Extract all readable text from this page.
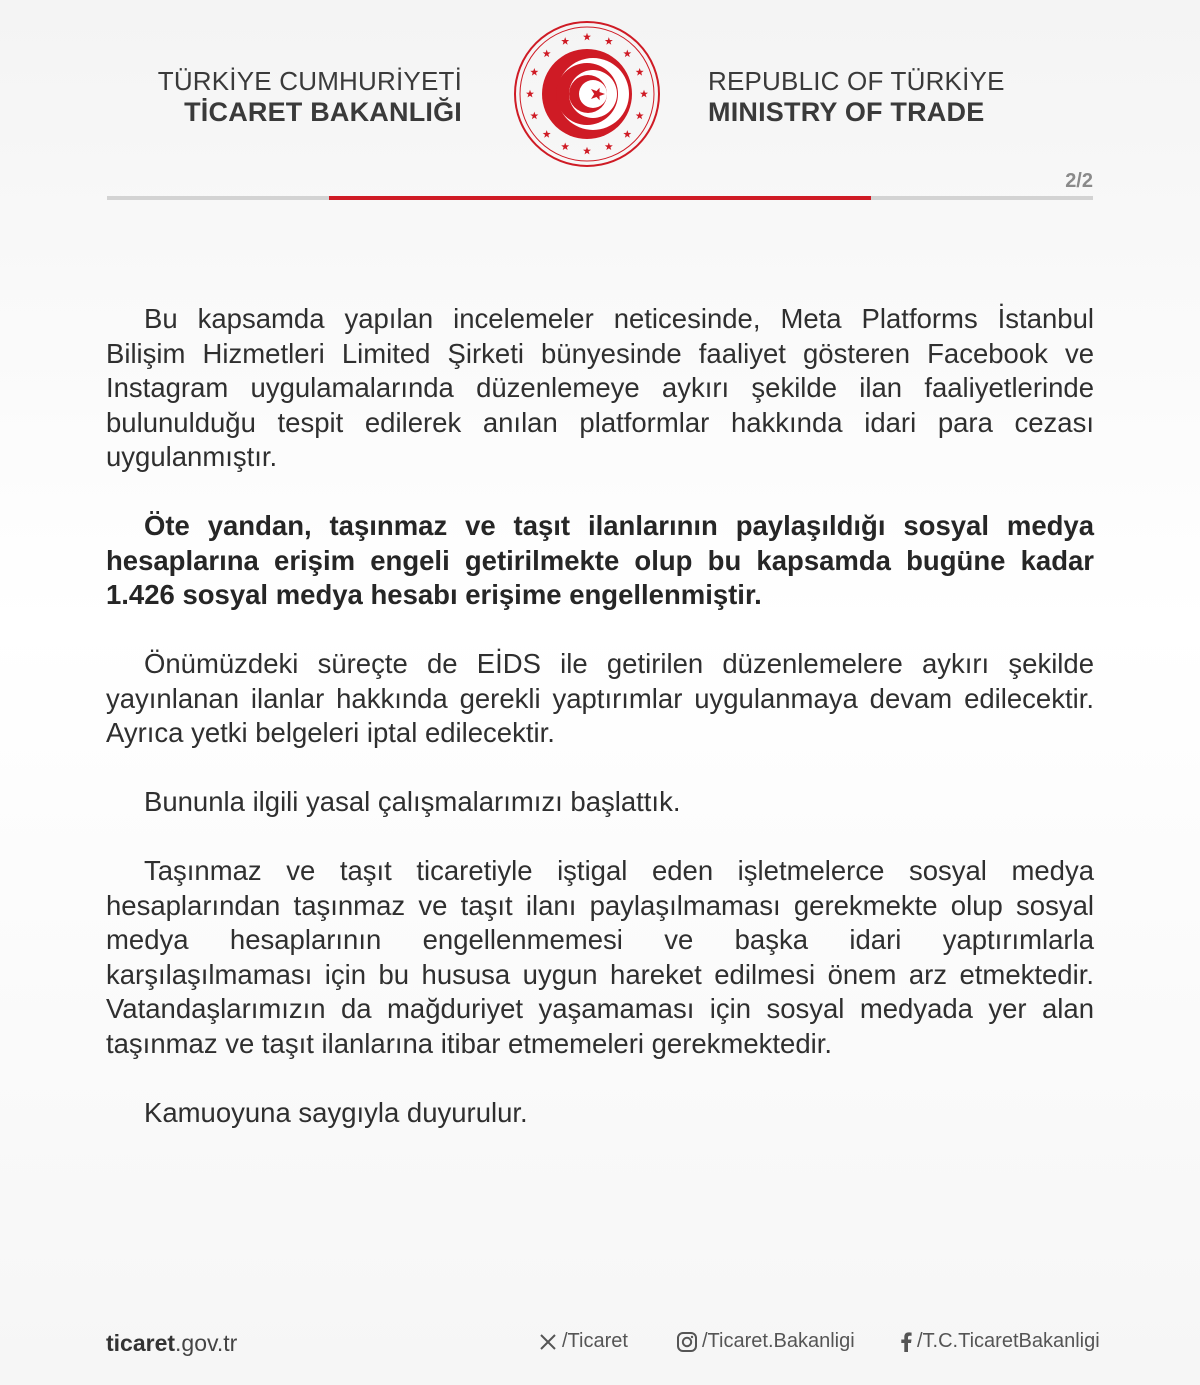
TÜRKİYE CUMHURİYETİ
TİCARET BAKANLIĞI
REPUBLIC OF TÜRKİYE
MINISTRY OF TRADE
2/2

Bu kapsamda yapılan incelemeler neticesinde, Meta Platforms İstanbul Bilişim Hizmetleri Limited Şirketi bünyesinde faaliyet gösteren Facebook ve Instagram uygulamalarında düzenlemeye aykırı şekilde ilan faaliyetlerinde bulunulduğu tespit edilerek anılan platformlar hakkında idari para cezası uygulanmıştır.

Öte yandan, taşınmaz ve taşıt ilanlarının paylaşıldığı sosyal medya hesaplarına erişim engeli getirilmekte olup bu kapsamda bugüne kadar 1.426 sosyal medya hesabı erişime engellenmiştir.

Önümüzdeki süreçte de EİDS ile getirilen düzenlemelere aykırı şekilde yayınlanan ilanlar hakkında gerekli yaptırımlar uygulanmaya devam edilecektir. Ayrıca yetki belgeleri iptal edilecektir.

Bununla ilgili yasal çalışmalarımızı başlattık.

Taşınmaz ve taşıt ticaretiyle iştigal eden işletmelerce sosyal medya hesaplarından taşınmaz ve taşıt ilanı paylaşılmaması gerekmekte olup sosyal medya hesaplarının engellenmemesi ve başka idari yaptırımlarla karşılaşılmaması için bu hususa uygun hareket edilmesi önem arz etmektedir. Vatandaşlarımızın da mağduriyet yaşamaması için sosyal medyada yer alan taşınmaz ve taşıt ilanlarına itibar etmemeleri gerekmektedir.

Kamuoyuna saygıyla duyurulur.

ticaret.gov.tr	/Ticaret	/Ticaret.Bakanligi	/T.C.TicaretBakanligi
